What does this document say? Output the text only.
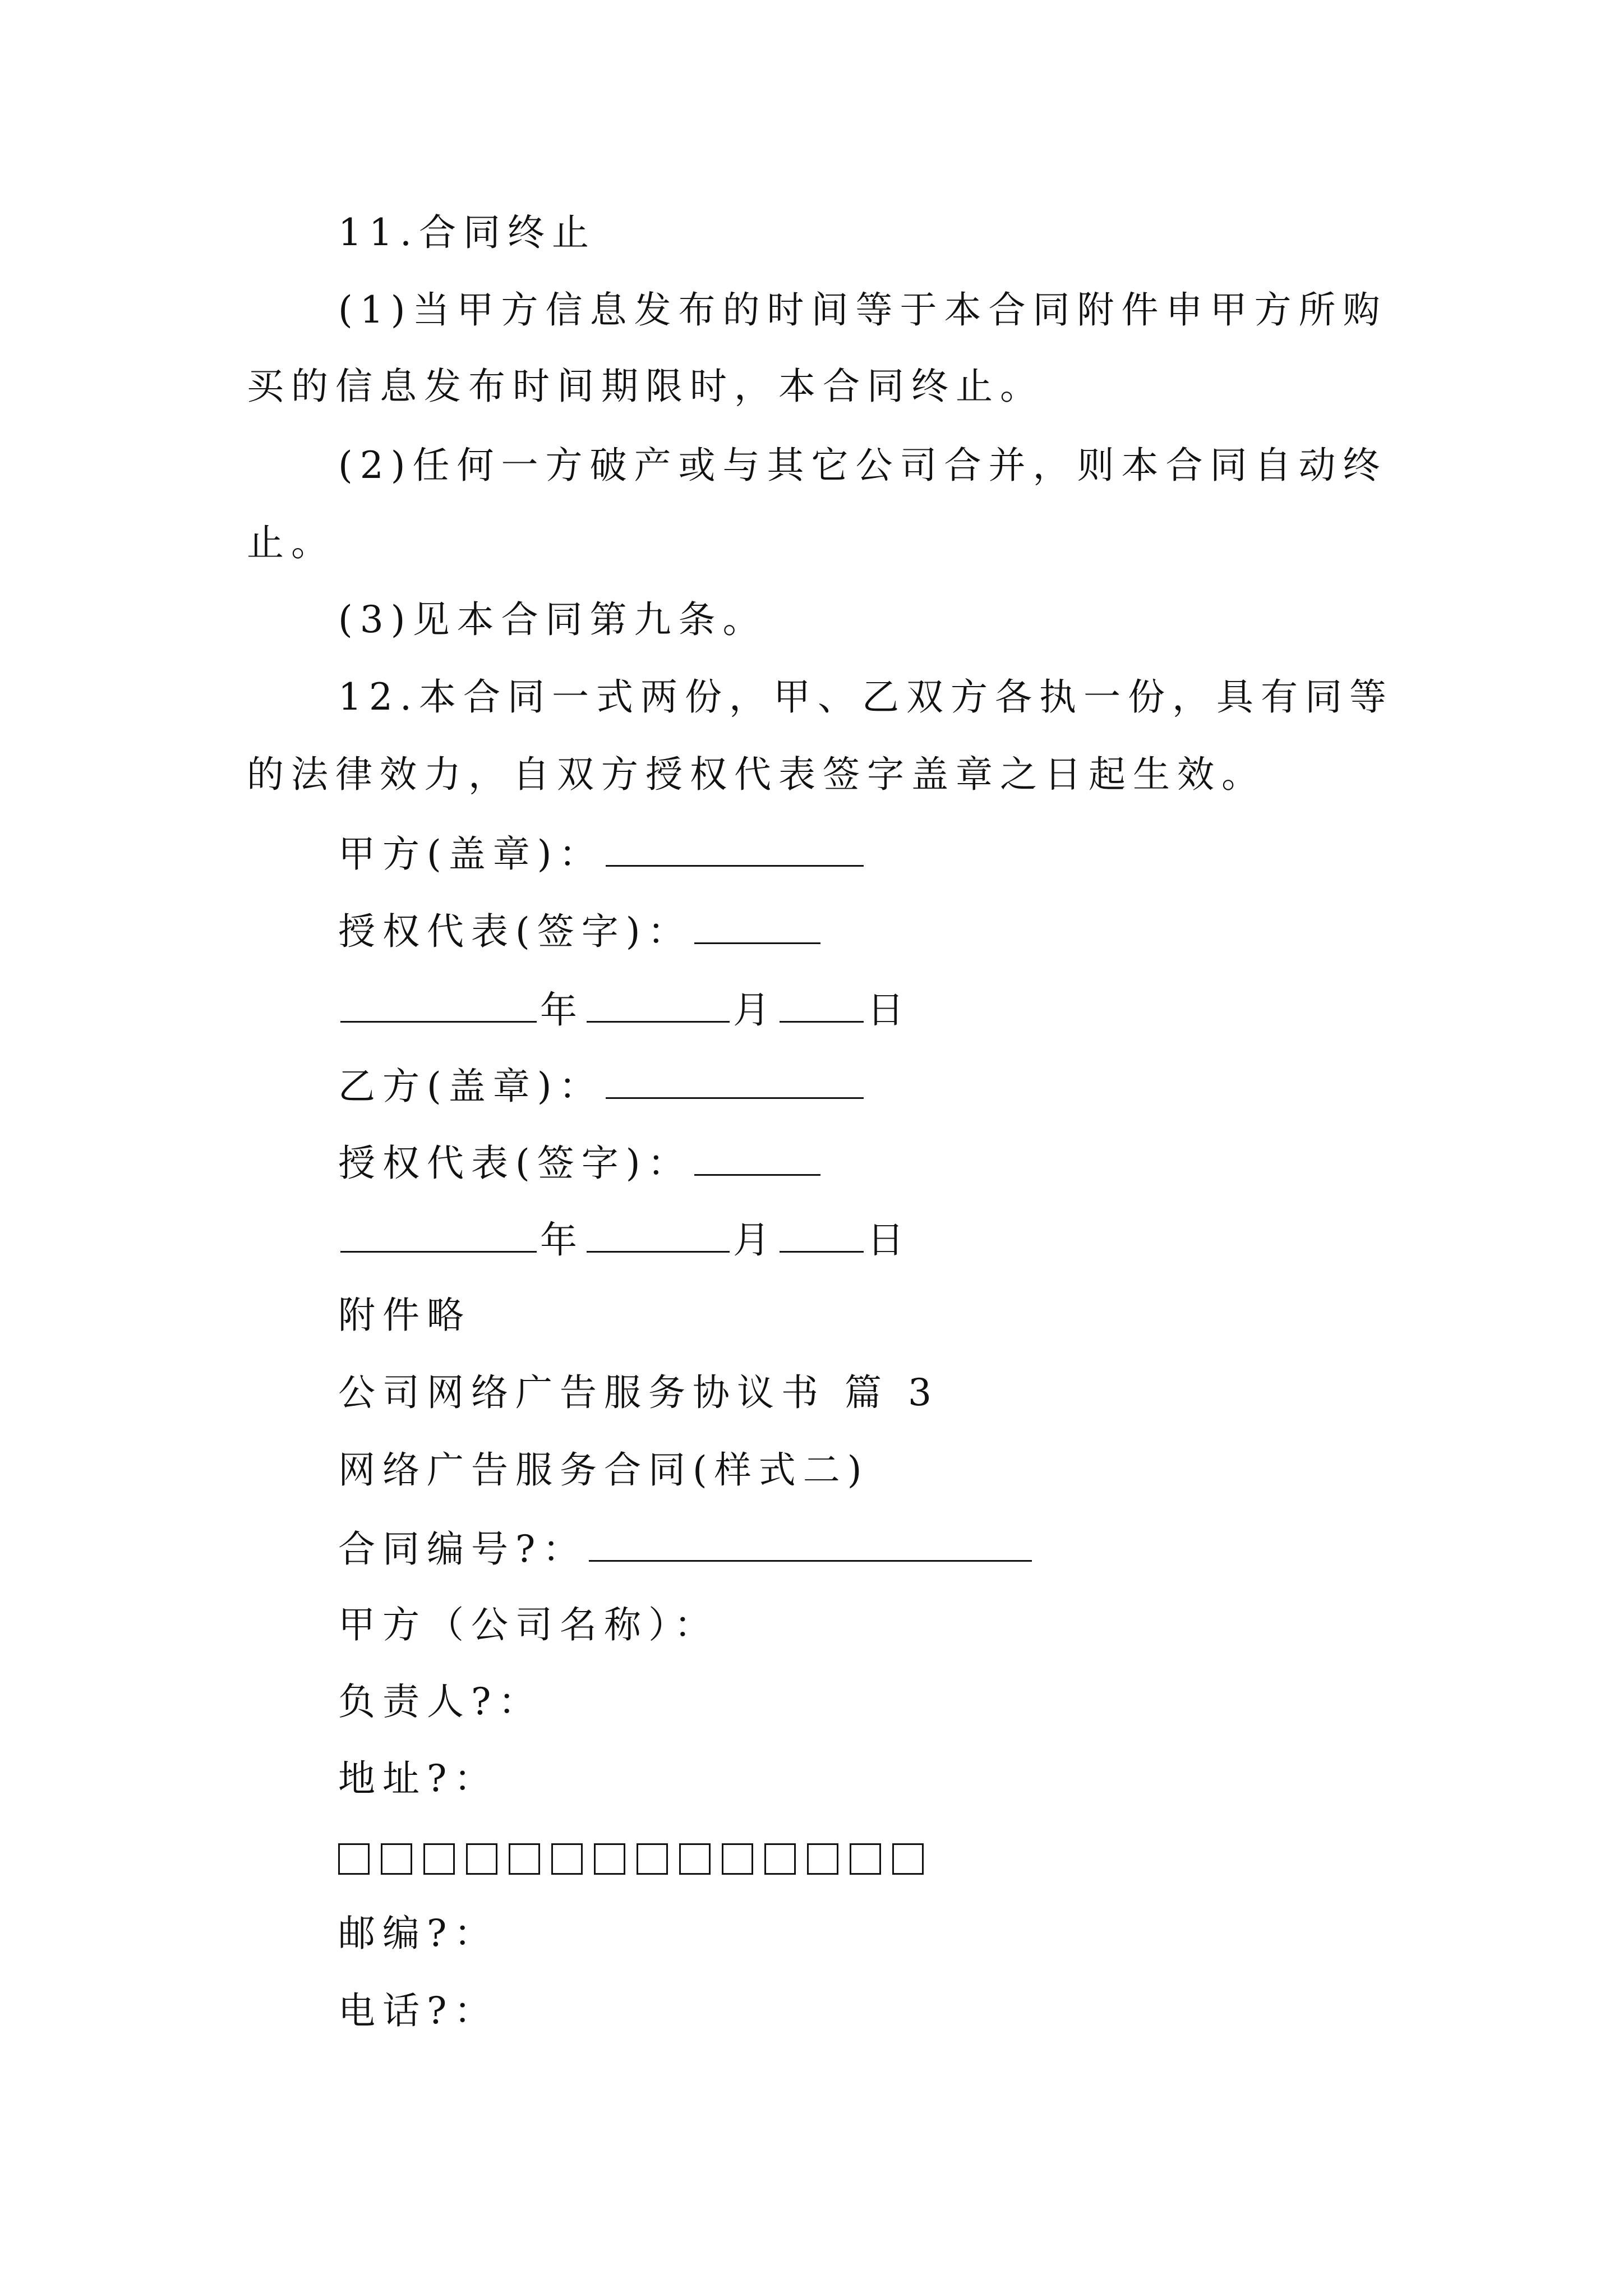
11.合同终止
(1)当甲方信息发布的时间等于本合同附件申甲方所购
买的信息发布时间期限时，本合同终止。
(2)任何一方破产或与其它公司合并，则本合同自动终
止。
(3)见本合同第九条。
12.本合同一式两份，甲、乙双方各执一份，具有同等
的法律效力，自双方授权代表签字盖章之日起生效。
甲方(盖章)：
授权代表(签字)：
年	月 日
乙方(盖章)：
授权代表(签字)：
年	月 日
附件略
公司网络广告服务协议书 篇 3
网络广告服务合同(样式二)
合同编号?：
甲方（公司名称）：
负责人?：
地址?：
邮编?：
电话?：
